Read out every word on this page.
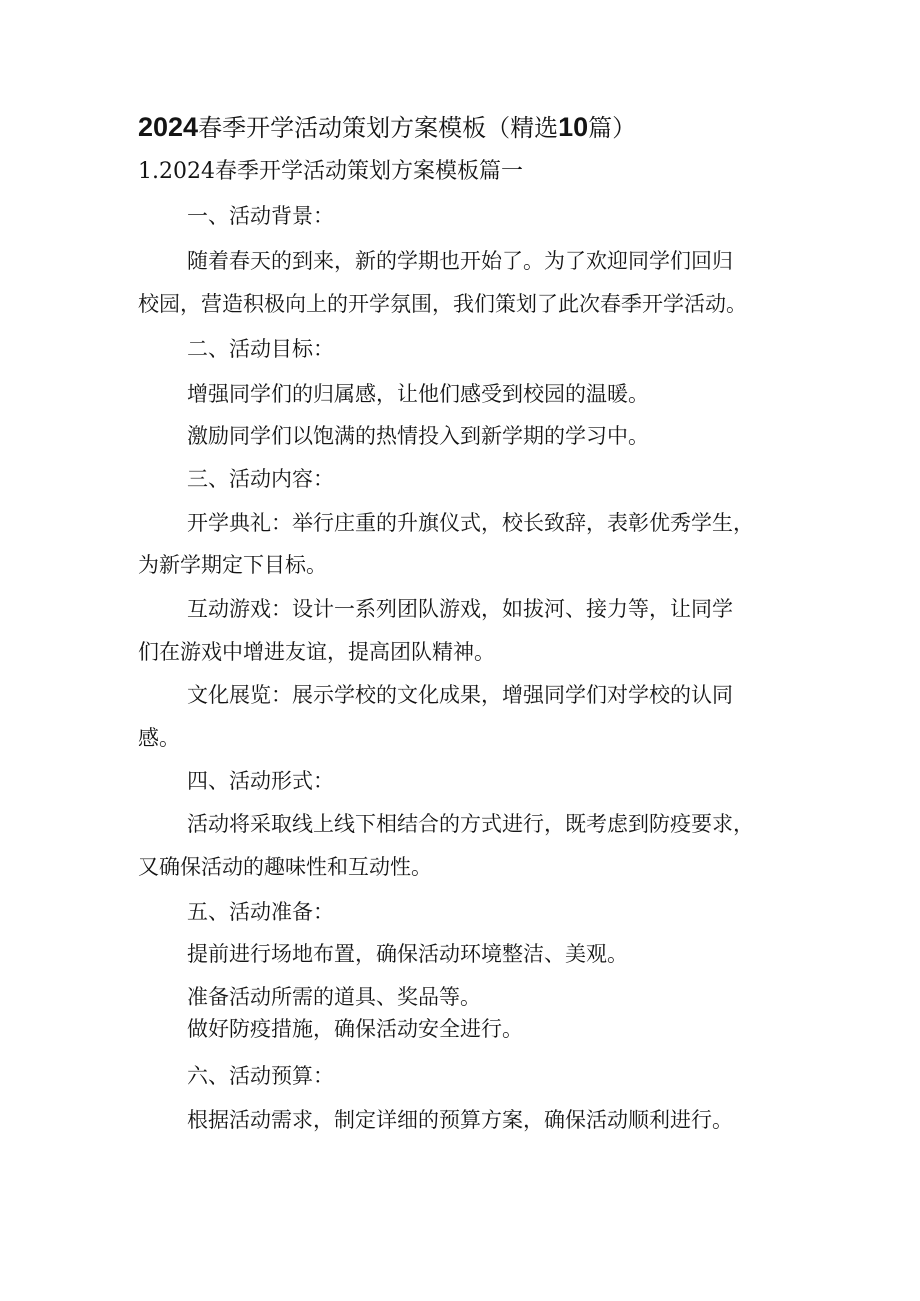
2024春季开学活动策划方案模板（精选10篇）
1.2024春季开学活动策划方案模板篇一
一、活动背景：
随着春天的到来，新的学期也开始了。为了欢迎同学们回归
校园，营造积极向上的开学氛围，我们策划了此次春季开学活动。
二、活动目标：
增强同学们的归属感，让他们感受到校园的温暖。
激励同学们以饱满的热情投入到新学期的学习中。
三、活动内容：
开学典礼：举行庄重的升旗仪式，校长致辞，表彰优秀学生，
为新学期定下目标。
互动游戏：设计一系列团队游戏，如拔河、接力等，让同学
们在游戏中增进友谊，提高团队精神。
文化展览：展示学校的文化成果，增强同学们对学校的认同
感。
四、活动形式：
活动将采取线上线下相结合的方式进行，既考虑到防疫要求，
又确保活动的趣味性和互动性。
五、活动准备：
提前进行场地布置，确保活动环境整洁、美观。
准备活动所需的道具、奖品等。
做好防疫措施，确保活动安全进行。
六、活动预算：
根据活动需求，制定详细的预算方案，确保活动顺利进行。
